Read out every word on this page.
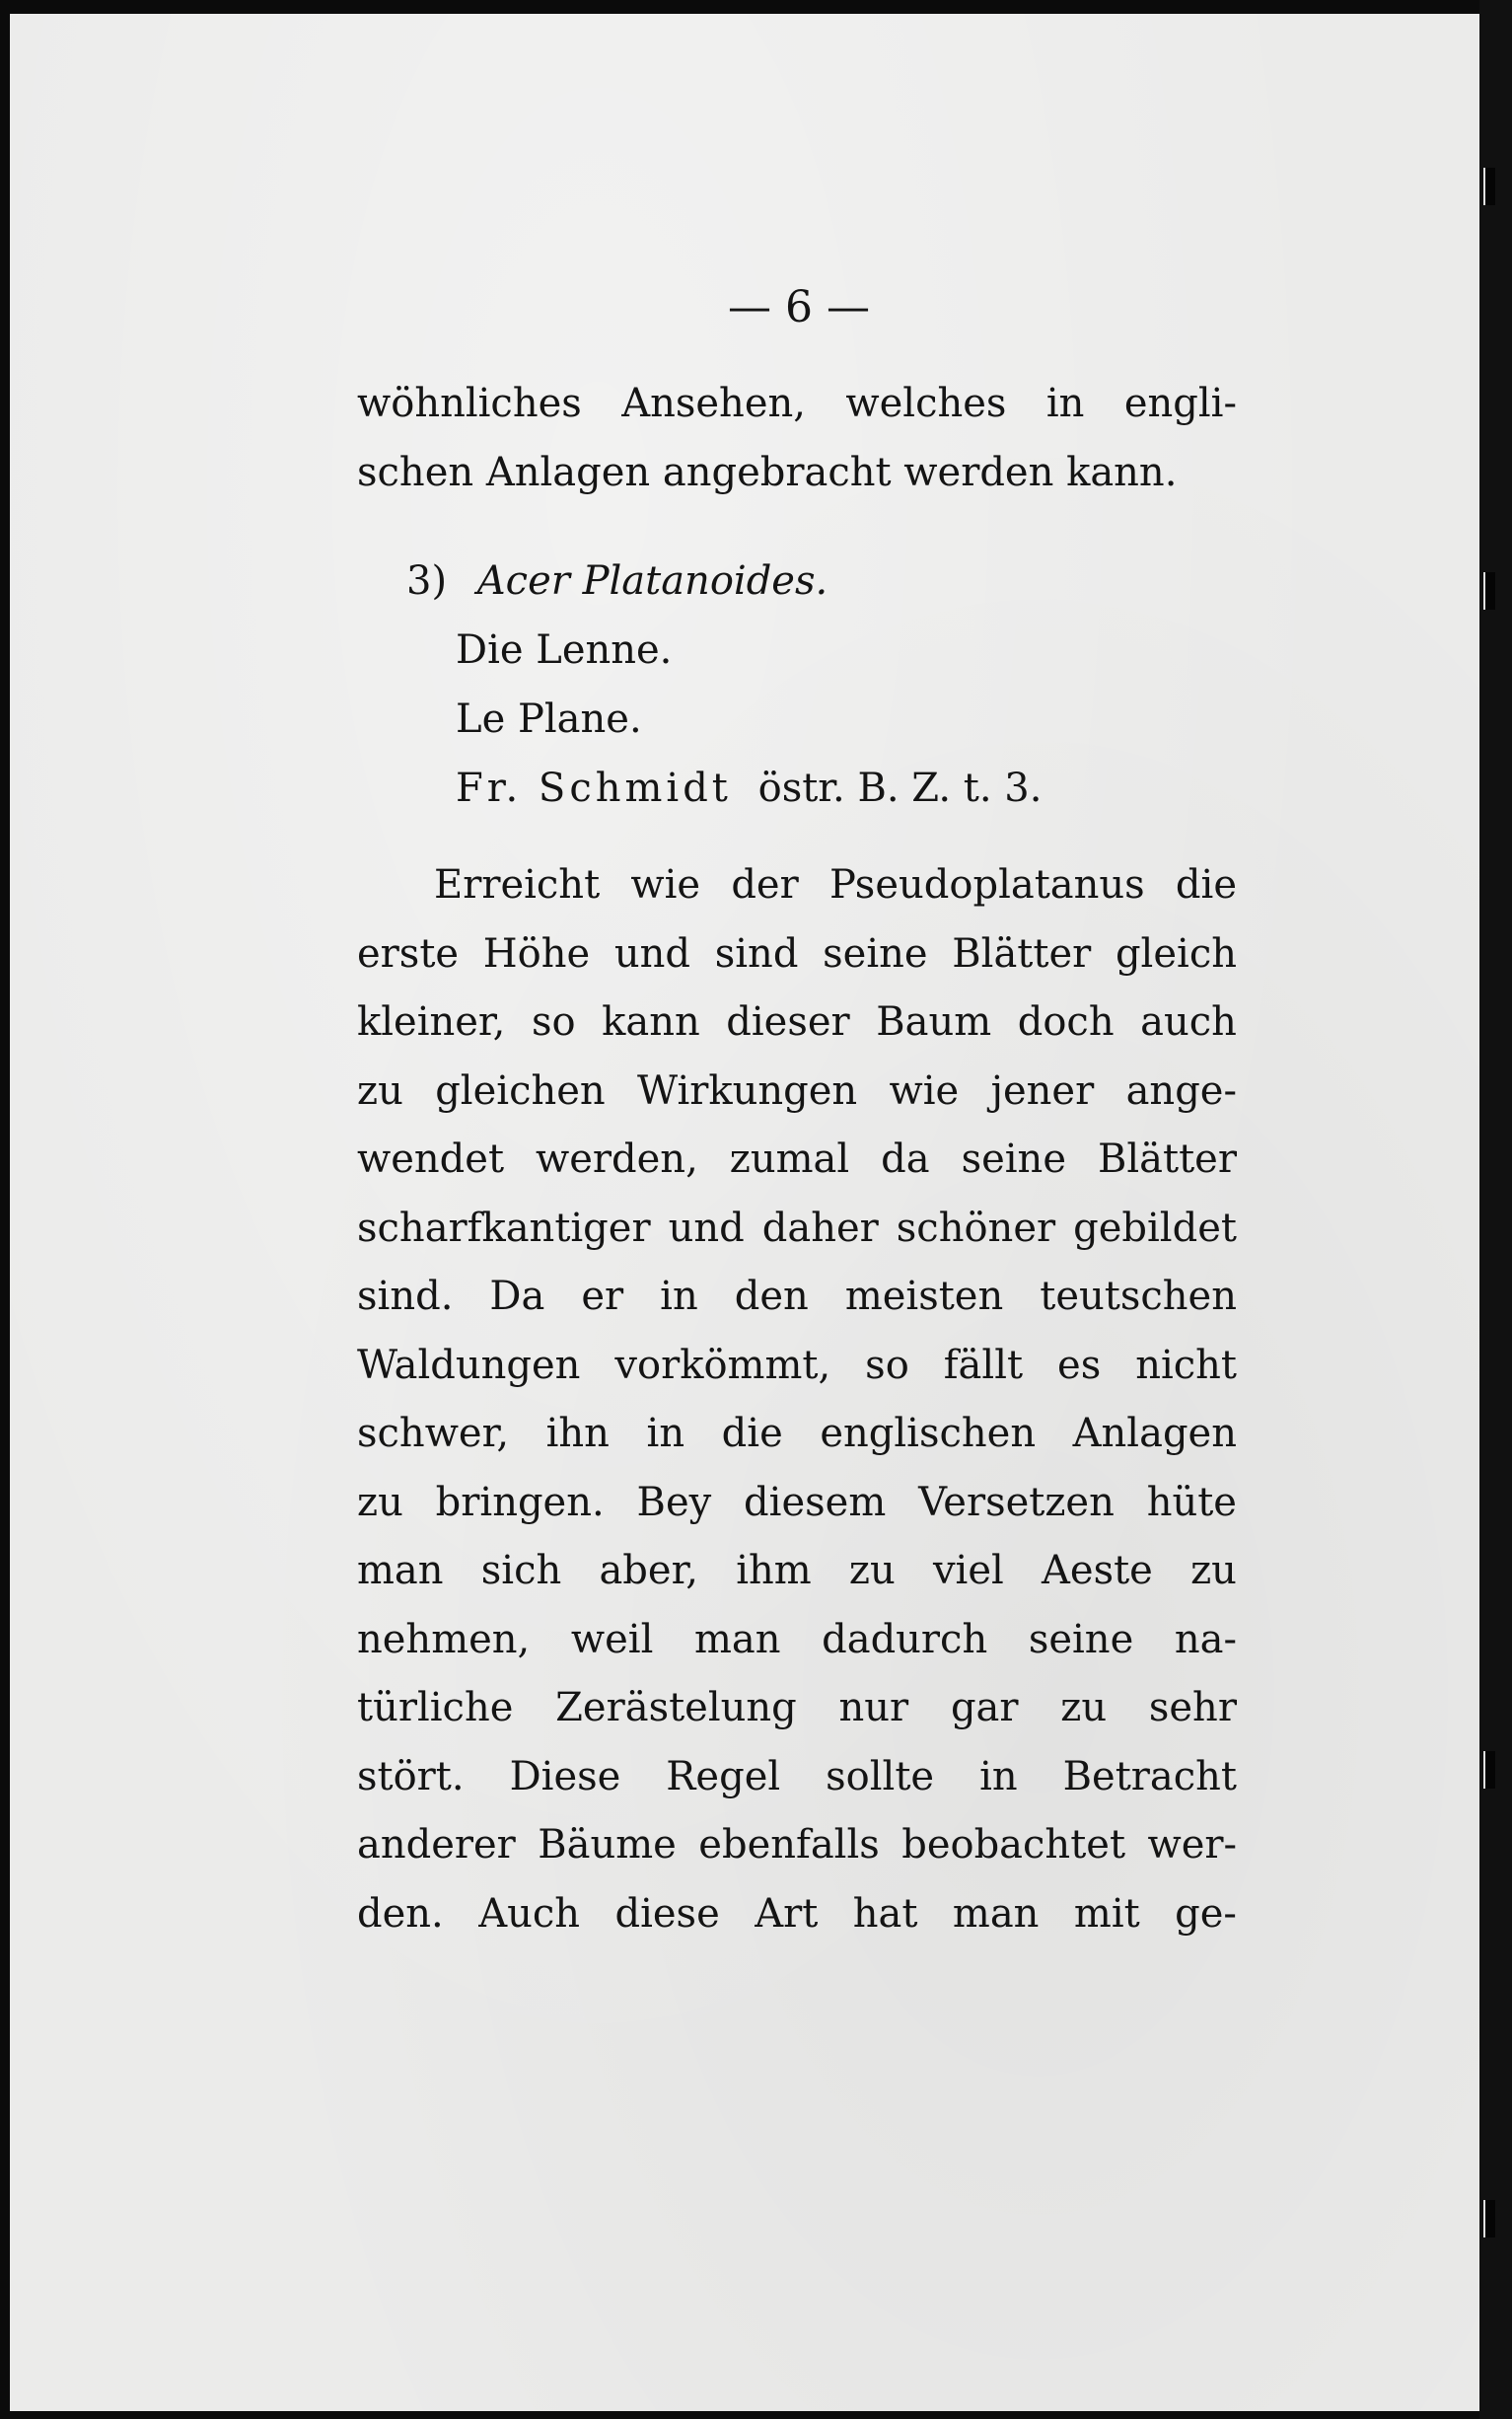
— 6 —
wöhnliches Ansehen, welches in engli-
schen Anlagen angebracht werden kann.
3) Acer Platanoides.
Die Lenne.
Le Plane.
Fr. Schmidt östr. B. Z. t. 3.
Erreicht wie der Pseudoplatanus die
erste Höhe und sind seine Blätter gleich
kleiner, so kann dieser Baum doch auch
zu gleichen Wirkungen wie jener ange-
wendet werden, zumal da seine Blätter
scharfkantiger und daher schöner gebildet
sind. Da er in den meisten teutschen
Waldungen vorkömmt, so fällt es nicht
schwer, ihn in die englischen Anlagen
zu bringen. Bey diesem Versetzen hüte
man sich aber, ihm zu viel Aeste zu
nehmen, weil man dadurch seine na-
türliche Zerästelung nur gar zu sehr
stört. Diese Regel sollte in Betracht
anderer Bäume ebenfalls beobachtet wer-
den. Auch diese Art hat man mit ge-
